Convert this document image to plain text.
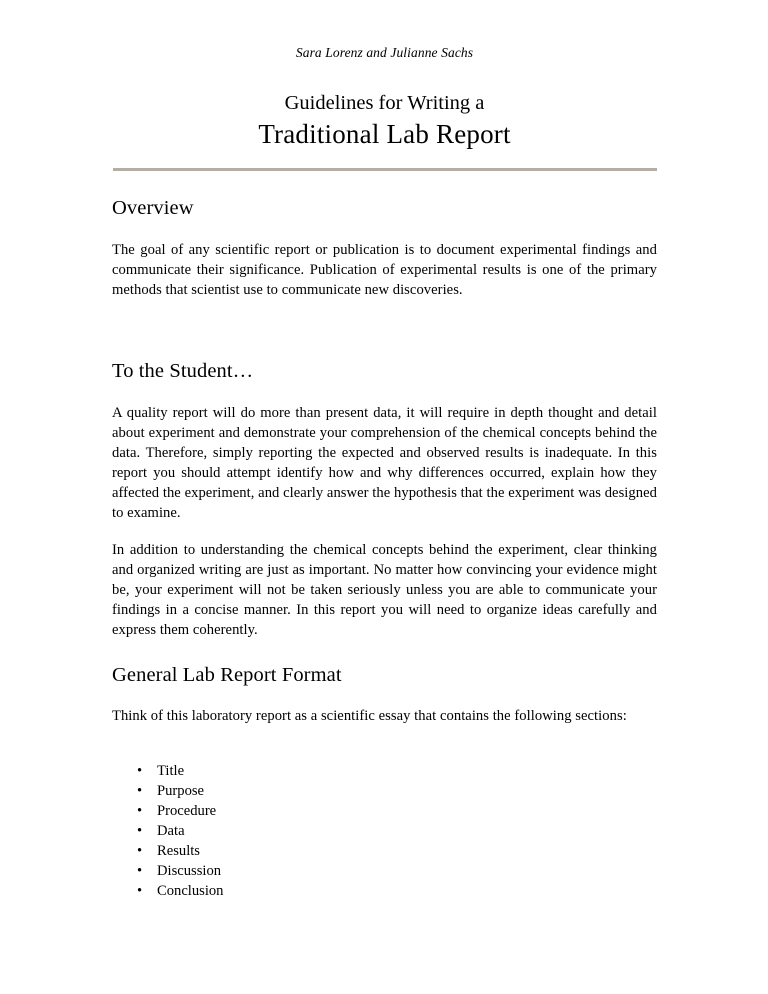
Sara Lorenz and Julianne Sachs
Guidelines for Writing a
Traditional Lab Report
Overview

The goal of any scientific report or publication is to document experimental findings and communicate their significance. Publication of experimental results is one of the primary methods that scientist use to communicate new discoveries.

To the Student…

A quality report will do more than present data, it will require in depth thought and detail about experiment and demonstrate your comprehension of the chemical concepts behind the data. Therefore, simply reporting the expected and observed results is inadequate. In this report you should attempt identify how and why differences occurred, explain how they affected the experiment, and clearly answer the hypothesis that the experiment was designed to examine.

In addition to understanding the chemical concepts behind the experiment, clear thinking and organized writing are just as important. No matter how convincing your evidence might be, your experiment will not be taken seriously unless you are able to communicate your findings in a concise manner. In this report you will need to organize ideas carefully and express them coherently.

General Lab Report Format

Think of this laboratory report as a scientific essay that contains the following sections:

• Title
• Purpose
• Procedure
• Data
• Results
• Discussion
• Conclusion
